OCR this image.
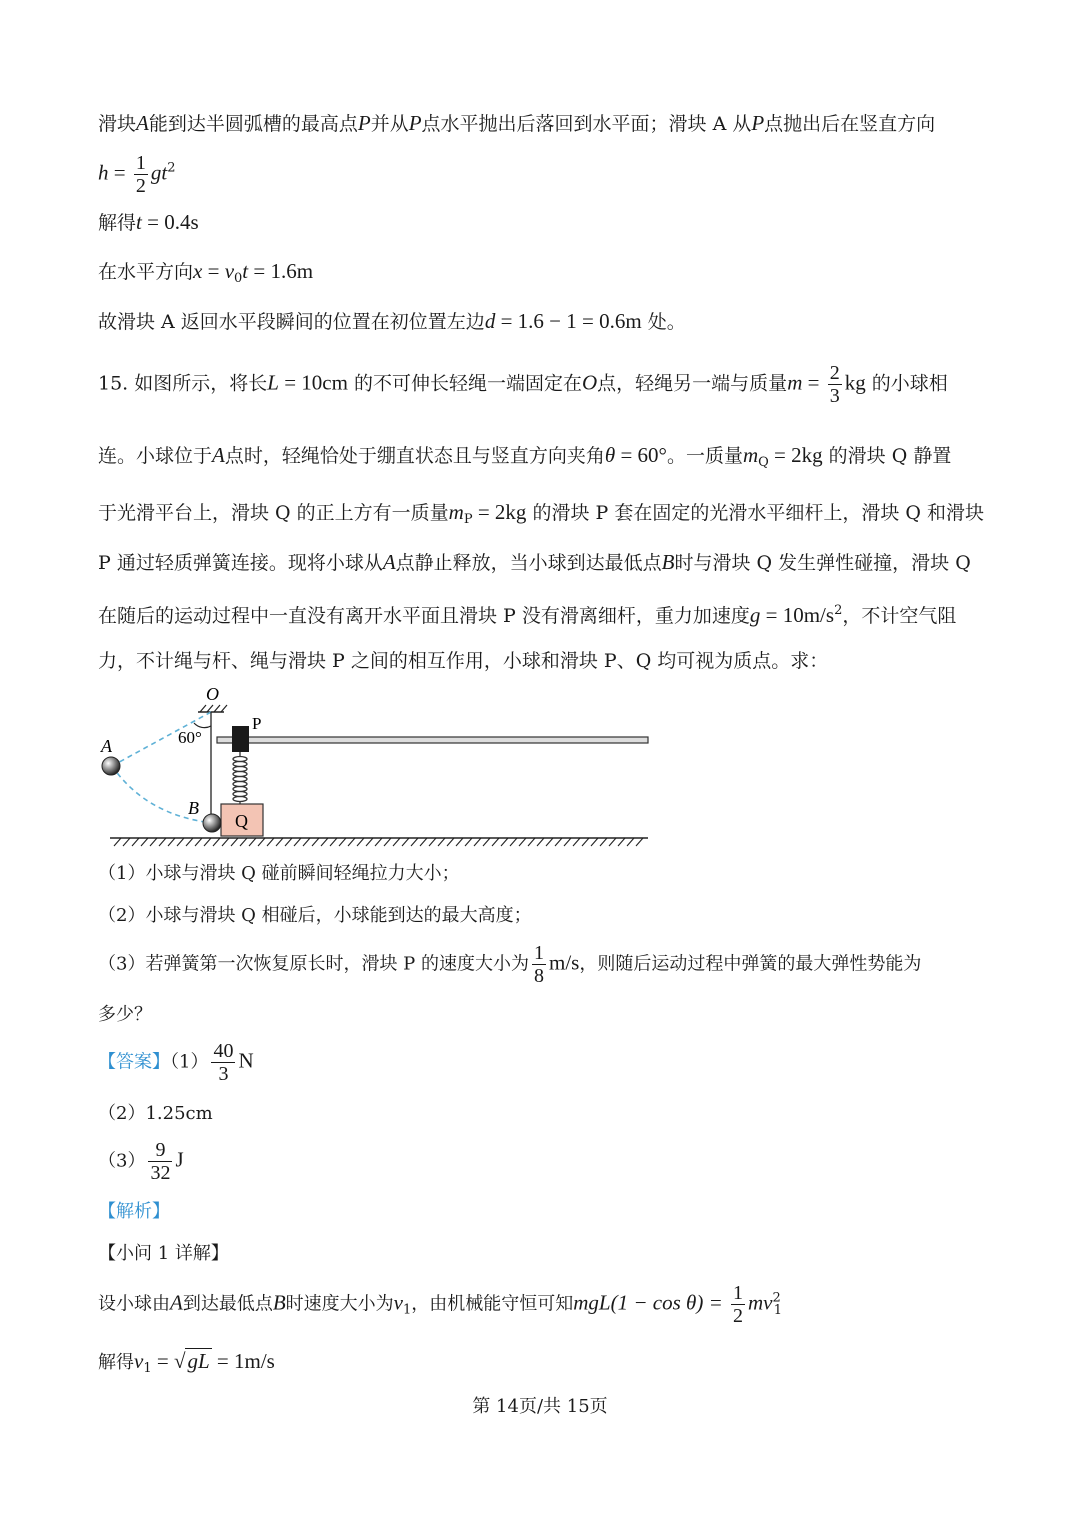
滑块A能到达半圆弧槽的最高点P并从P点水平抛出后落回到水平面；滑块 A 从P点抛出后在竖直方向
$h = \frac{1}{2} gt^2$
解得t = 0.4s
在水平方向$x = v_0t = 1.6m$
故滑块 A 返回水平段瞬间的位置在初位置左边d = 1.6 − 1 = 0.6m 处。
15. 如图所示，将长L = 10cm 的不可伸长轻绳一端固定在O点，轻绳另一端与质量$m = \frac{2}{3}$ kg 的小球相
连。小球位于A点时，轻绳恰处于绷直状态且与竖直方向夹角θ = 60°。一质量$m_Q = 2kg$ 的滑块 Q 静置
于光滑平台上，滑块 Q 的正上方有一质量$m_P = 2kg$ 的滑块 P 套在固定的光滑水平细杆上，滑块 Q 和滑块
P 通过轻质弹簧连接。现将小球从A点静止释放，当小球到达最低点B时与滑块 Q 发生弹性碰撞，滑块 Q
在随后的运动过程中一直没有离开水平面且滑块 P 没有滑离细杆，重力加速度$g = 10m/s^2$，不计空气阻
力，不计绳与杆、绳与滑块 P 之间的相互作用，小球和滑块 P、Q 均可视为质点。求：
O
60°
P
Q
A
B
（1）小球与滑块 Q 碰前瞬间轻绳拉力大小；
（2）小球与滑块 Q 相碰后，小球能到达的最大高度；
（3）若弹簧第一次恢复原长时，滑块 P 的速度大小为 $\frac{1}{8} m/s$，则随后运动过程中弹簧的最大弹性势能为
多少？
【答案】$(1) \frac{40}{3}$ N
（2）1.25cm
$(3) \frac{9}{32}$ J
【解析】
【小问 1 详解】
设小球由A到达最低点B时速度大小为$v_1$，由机械能守恒可知$mgL(1 - \cos \theta) = \frac{1}{2} mv^2_1$
解得$v_1 = √gL = 1m/s$
第 14页/共 15页
